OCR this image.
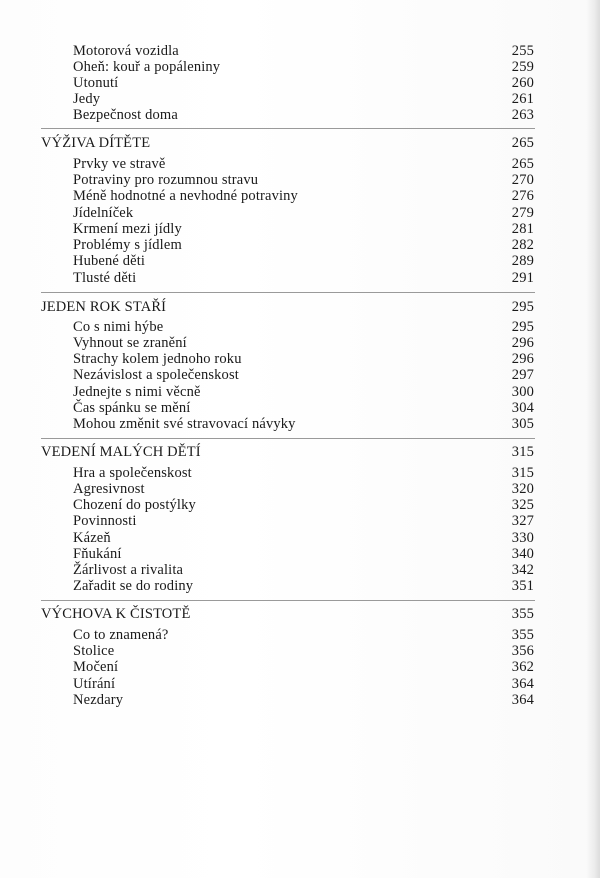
Motorová vozidla	255
Oheň: kouř a popáleniny	259
Utonutí	260
Jedy	261
Bezpečnost doma	263
VÝŽIVA DÍTĚTE	265
Prvky ve stravě	265
Potraviny pro rozumnou stravu	270
Méně hodnotné a nevhodné potraviny	276
Jídelníček	279
Krmení mezi jídly	281
Problémy s jídlem	282
Hubené děti	289
Tlusté děti	291
JEDEN ROK STAŘÍ	295
Co s nimi hýbe	295
Vyhnout se zranění	296
Strachy kolem jednoho roku	296
Nezávislost a společenskost	297
Jednejte s nimi věcně	300
Čas spánku se mění	304
Mohou změnit své stravovací návyky	305
VEDENÍ MALÝCH DĚTÍ	315
Hra a společenskost	315
Agresivnost	320
Chození do postýlky	325
Povinnosti	327
Kázeň	330
Fňukání	340
Žárlivost a rivalita	342
Zařadit se do rodiny	351
VÝCHOVA K ČISTOTĚ	355
Co to znamená?	355
Stolice	356
Močení	362
Utírání	364
Nezdary	364
